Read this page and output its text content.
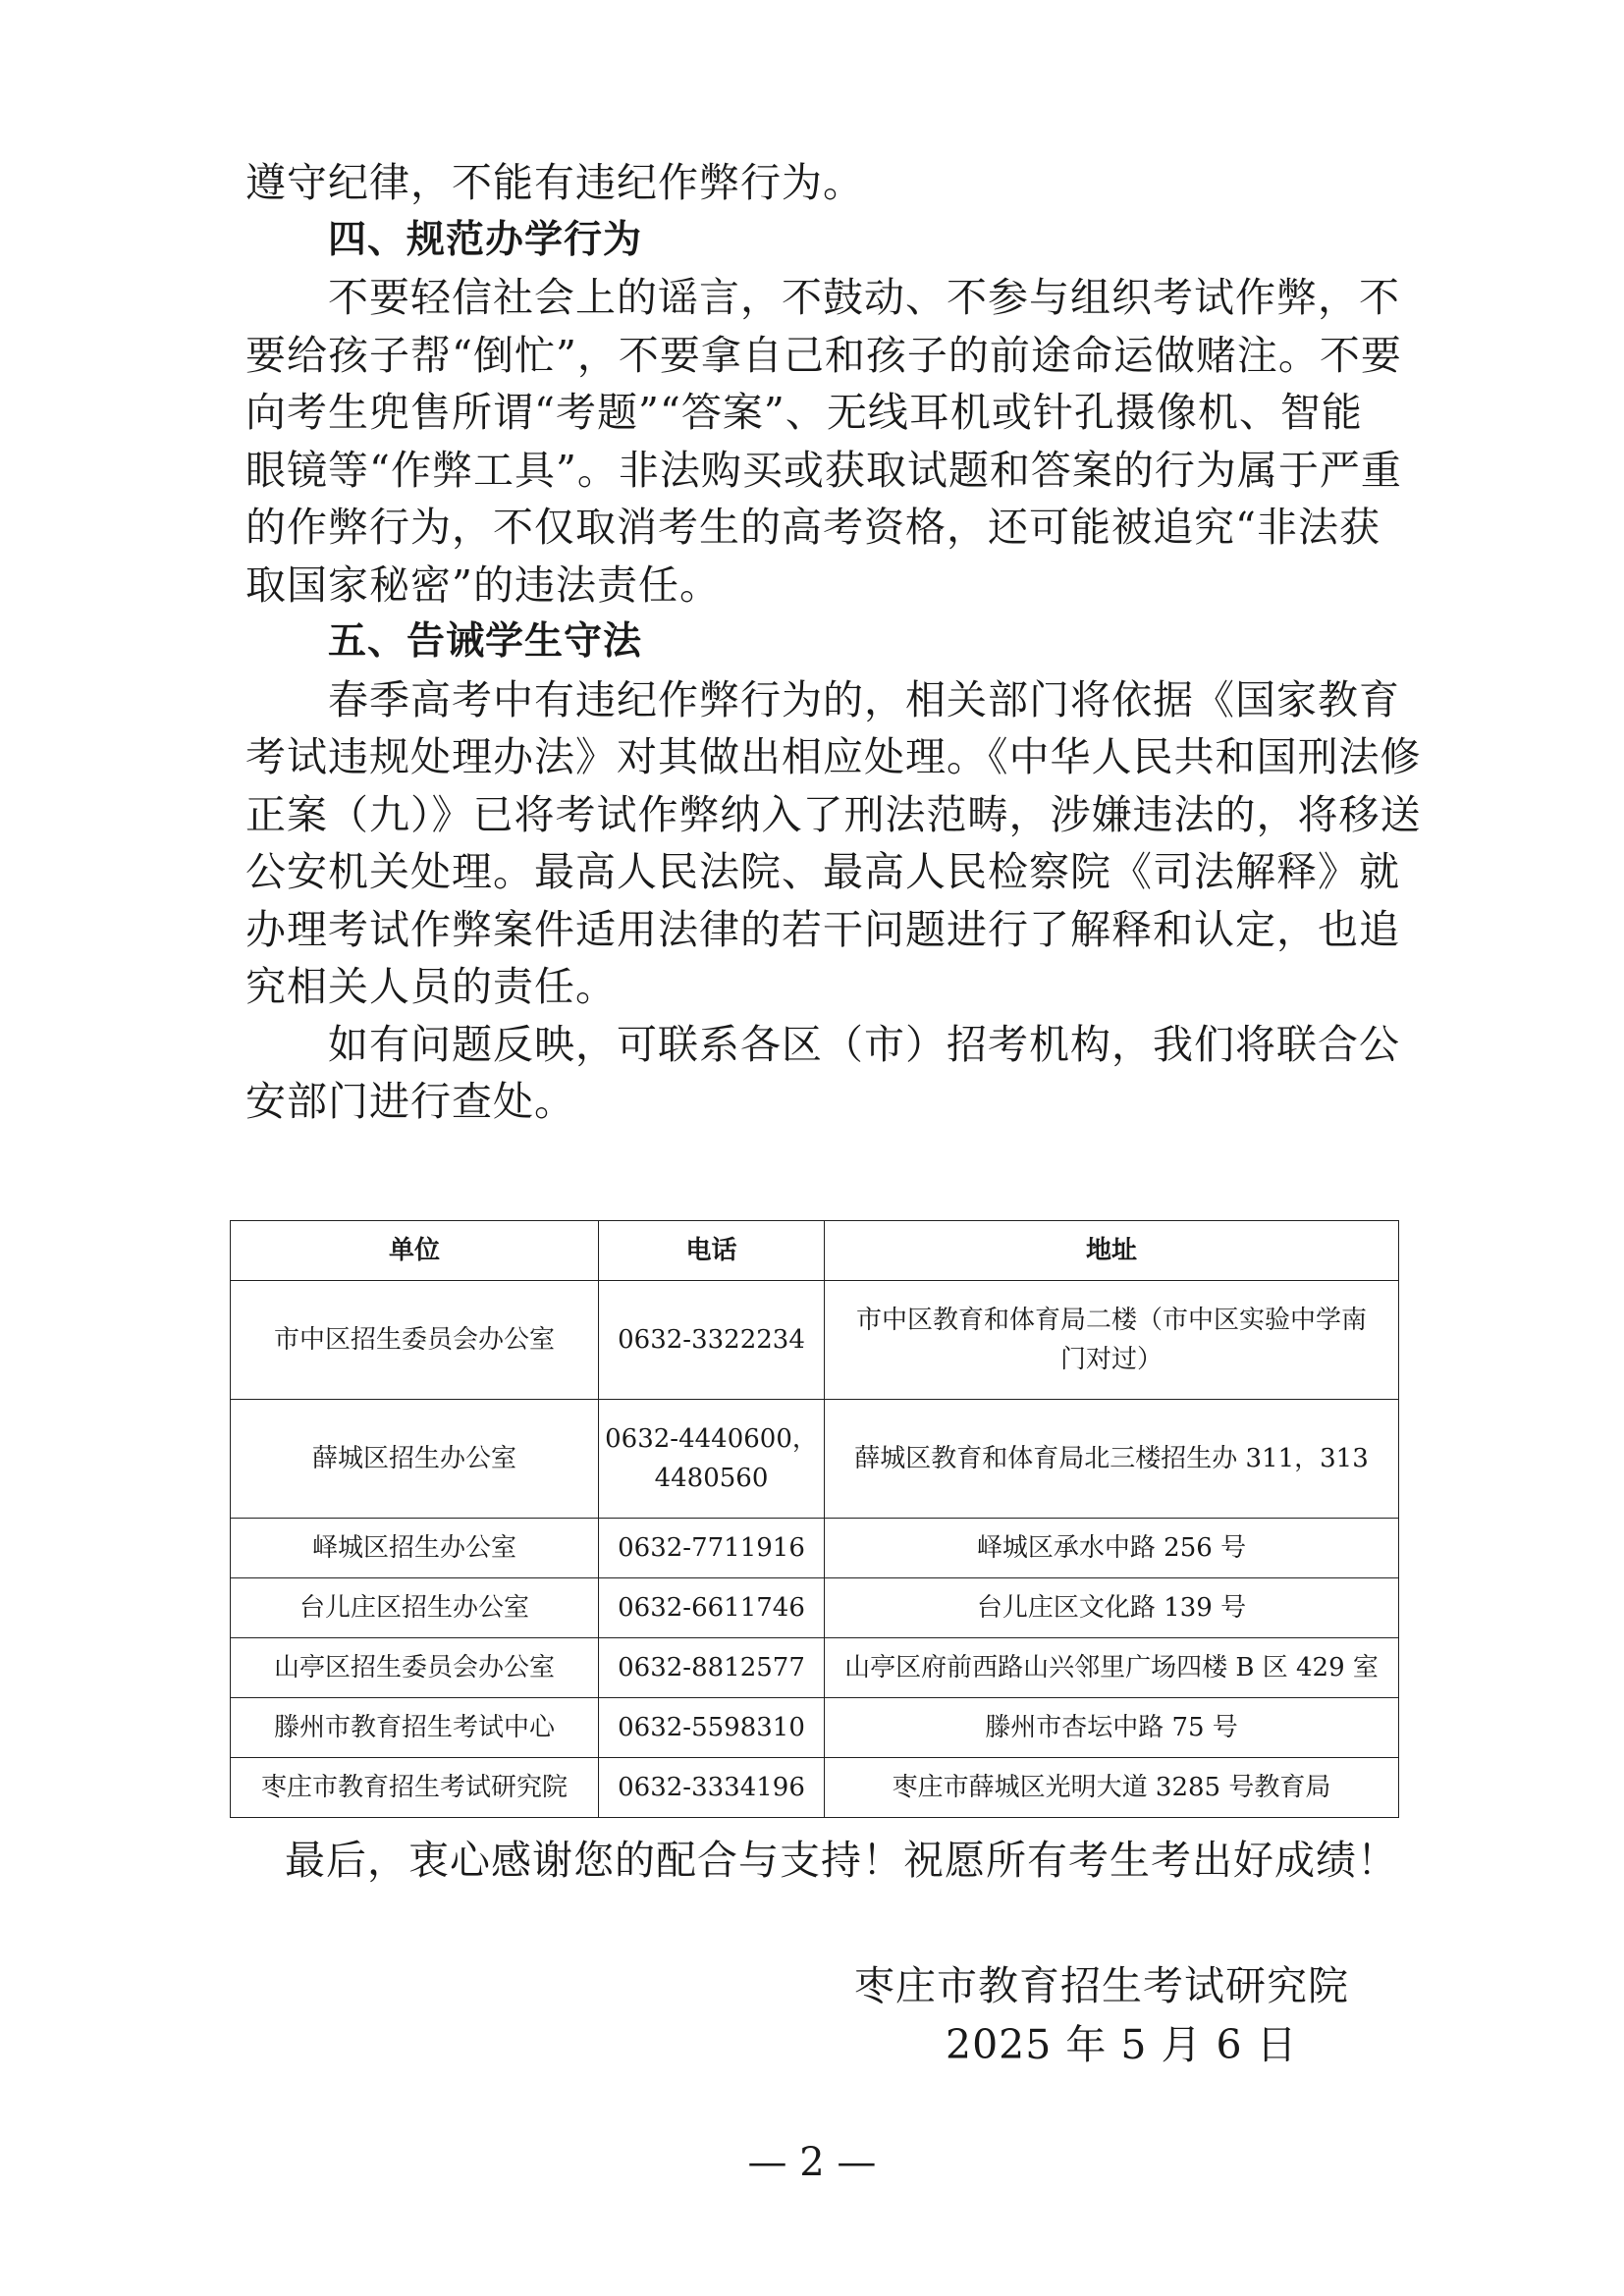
遵守纪律，不能有违纪作弊行为。
四、规范办学行为
不要轻信社会上的谣言，不鼓动、不参与组织考试作弊，不
要给孩子帮“倒忙”，不要拿自己和孩子的前途命运做赌注。不要
向考生兜售所谓“考题”“答案”、无线耳机或针孔摄像机、智能
眼镜等“作弊工具”。非法购买或获取试题和答案的行为属于严重
的作弊行为，不仅取消考生的高考资格，还可能被追究“非法获
取国家秘密”的违法责任。
五、告诫学生守法
春季高考中有违纪作弊行为的，相关部门将依据《国家教育
考试违规处理办法》对其做出相应处理。《中华人民共和国刑法修
正案（九）》已将考试作弊纳入了刑法范畴，涉嫌违法的，将移送
公安机关处理。最高人民法院、最高人民检察院《司法解释》就
办理考试作弊案件适用法律的若干问题进行了解释和认定，也追
究相关人员的责任。
如有问题反映，可联系各区（市）招考机构，我们将联合公
安部门进行查处。
单位	电话	地址

市中区招生委员会办公室	0632-3322234	市中区教育和体育局二楼（市中区实验中学南
门对过）

薛城区招生办公室	0632-4440600，
4480560	薛城区教育和体育局北三楼招生办 311，313

峄城区招生办公室	0632-7711916	峄城区承水中路 256 号

台儿庄区招生办公室	0632-6611746	台儿庄区文化路 139 号

山亭区招生委员会办公室	0632-8812577	山亭区府前西路山兴邻里广场四楼 B 区 429 室

滕州市教育招生考试中心	0632-5598310	滕州市杏坛中路 75 号

枣庄市教育招生考试研究院	0632-3334196	枣庄市薛城区光明大道 3285 号教育局
最后，衷心感谢您的配合与支持！祝愿所有考生考出好成绩！
枣庄市教育招生考试研究院
2025 年 5 月 6 日
— 2 —
